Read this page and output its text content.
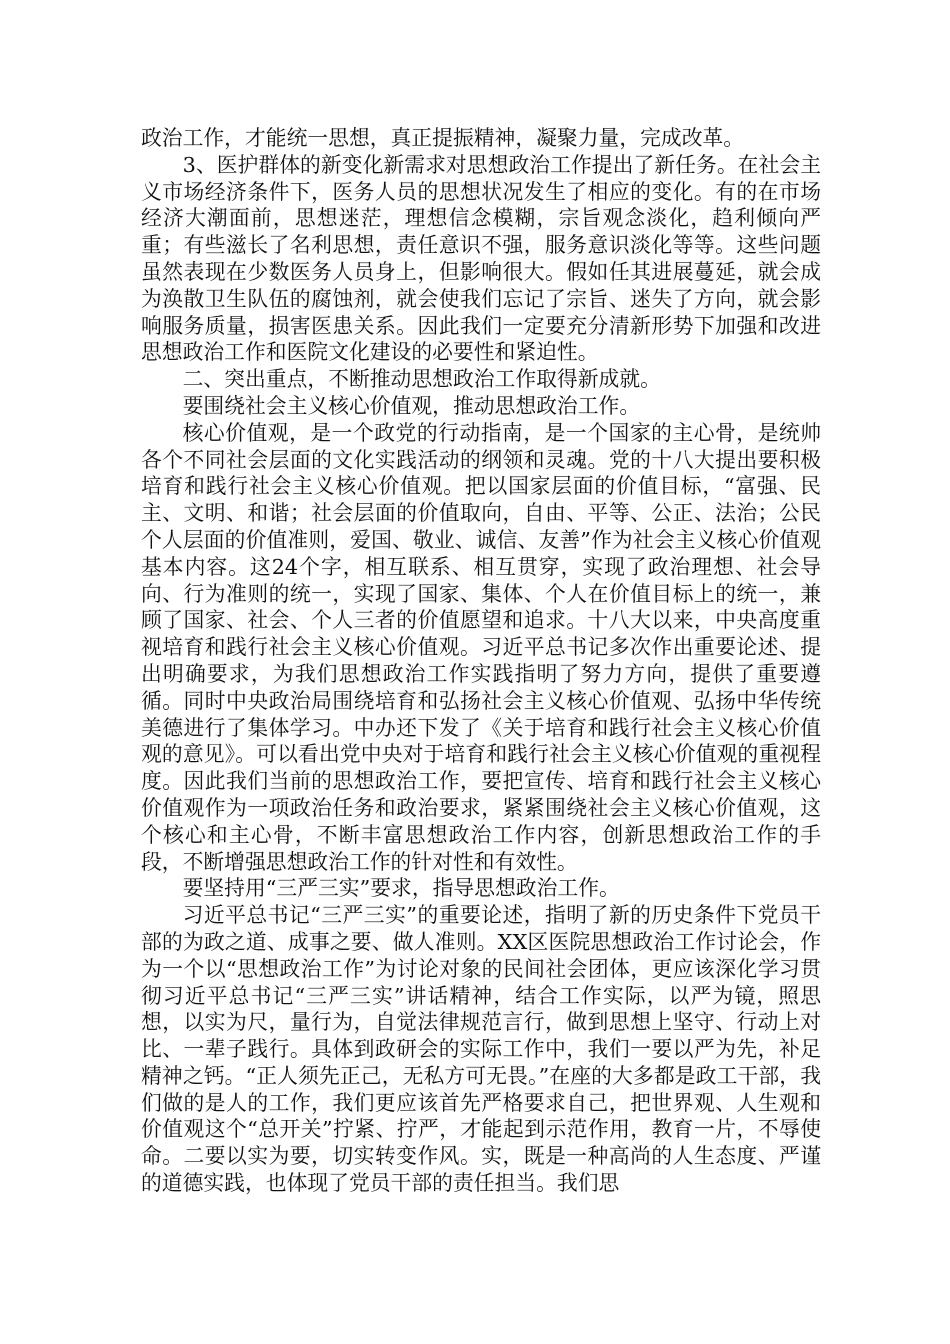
政治工作，才能统一思想，真正提振精神，凝聚力量，完成改革。

3、医护群体的新变化新需求对思想政治工作提出了新任务。在社会主义市场经济条件下，医务人员的思想状况发生了相应的变化。有的在市场经济大潮面前，思想迷茫，理想信念模糊，宗旨观念淡化，趋利倾向严重；有些滋长了名利思想，责任意识不强，服务意识淡化等等。这些问题虽然表现在少数医务人员身上，但影响很大。假如任其进展蔓延，就会成为涣散卫生队伍的腐蚀剂，就会使我们忘记了宗旨、迷失了方向，就会影响服务质量，损害医患关系。因此我们一定要充分清新形势下加强和改进思想政治工作和医院文化建设的必要性和紧迫性。

二、突出重点，不断推动思想政治工作取得新成就。

要围绕社会主义核心价值观，推动思想政治工作。

核心价值观，是一个政党的行动指南，是一个国家的主心骨，是统帅各个不同社会层面的文化实践活动的纲领和灵魂。党的十八大提出要积极培育和践行社会主义核心价值观。把以国家层面的价值目标，“富强、民主、文明、和谐；社会层面的价值取向，自由、平等、公正、法治；公民个人层面的价值准则，爱国、敬业、诚信、友善”作为社会主义核心价值观基本内容。这24个字，相互联系、相互贯穿，实现了政治理想、社会导向、行为准则的统一，实现了国家、集体、个人在价值目标上的统一，兼顾了国家、社会、个人三者的价值愿望和追求。十八大以来，中央高度重视培育和践行社会主义核心价值观。习近平总书记多次作出重要论述、提出明确要求，为我们思想政治工作实践指明了努力方向，提供了重要遵循。同时中央政治局围绕培育和弘扬社会主义核心价值观、弘扬中华传统美德进行了集体学习。中办还下发了《关于培育和践行社会主义核心价值观的意见》。可以看出党中央对于培育和践行社会主义核心价值观的重视程度。因此我们当前的思想政治工作，要把宣传、培育和践行社会主义核心价值观作为一项政治任务和政治要求，紧紧围绕社会主义核心价值观，这个核心和主心骨，不断丰富思想政治工作内容，创新思想政治工作的手段，不断增强思想政治工作的针对性和有效性。

要坚持用“三严三实”要求，指导思想政治工作。

习近平总书记“三严三实”的重要论述，指明了新的历史条件下党员干部的为政之道、成事之要、做人准则。XX区医院思想政治工作讨论会，作为一个以“思想政治工作”为讨论对象的民间社会团体，更应该深化学习贯彻习近平总书记“三严三实”讲话精神，结合工作实际，以严为镜，照思想，以实为尺，量行为，自觉法律规范言行，做到思想上坚守、行动上对比、一辈子践行。具体到政研会的实际工作中，我们一要以严为先，补足精神之钙。“正人须先正己，无私方可无畏。”在座的大多都是政工干部，我们做的是人的工作，我们更应该首先严格要求自己，把世界观、人生观和价值观这个“总开关”拧紧、拧严，才能起到示范作用，教育一片，不辱使命。二要以实为要，切实转变作风。实，既是一种高尚的人生态度、严谨的道德实践，也体现了党员干部的责任担当。我们思
